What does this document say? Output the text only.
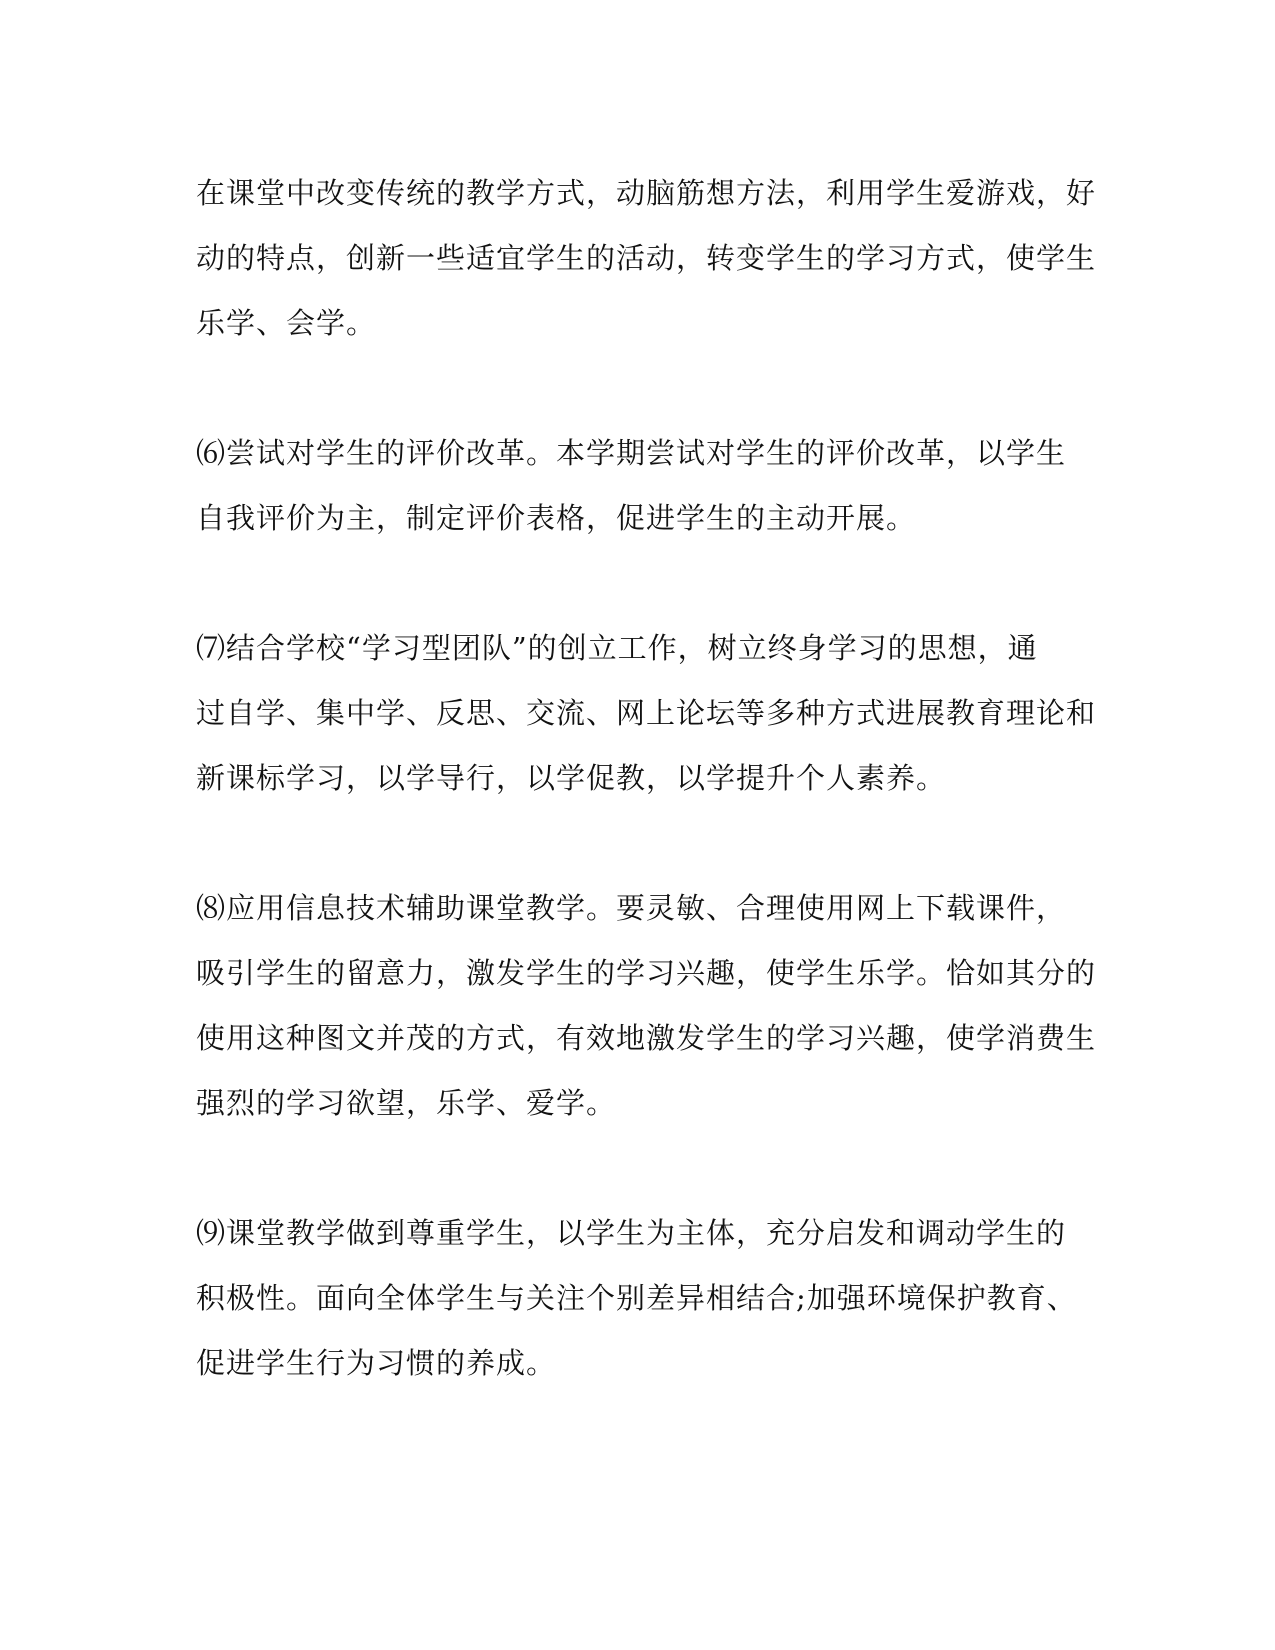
在课堂中改变传统的教学方式，动脑筋想方法，利用学生爱游戏，好
动的特点，创新一些适宜学生的活动，转变学生的学习方式，使学生
乐学、会学。

⑹尝试对学生的评价改革。本学期尝试对学生的评价改革，以学生
自我评价为主，制定评价表格，促进学生的主动开展。

⑺结合学校“学习型团队”的创立工作，树立终身学习的思想，通
过自学、集中学、反思、交流、网上论坛等多种方式进展教育理论和
新课标学习，以学导行，以学促教，以学提升个人素养。

⑻应用信息技术辅助课堂教学。要灵敏、合理使用网上下载课件，
吸引学生的留意力，激发学生的学习兴趣，使学生乐学。恰如其分的
使用这种图文并茂的方式，有效地激发学生的学习兴趣，使学消费生
强烈的学习欲望，乐学、爱学。

⑼课堂教学做到尊重学生，以学生为主体，充分启发和调动学生的
积极性。面向全体学生与关注个别差异相结合;加强环境保护教育、
促进学生行为习惯的养成。
